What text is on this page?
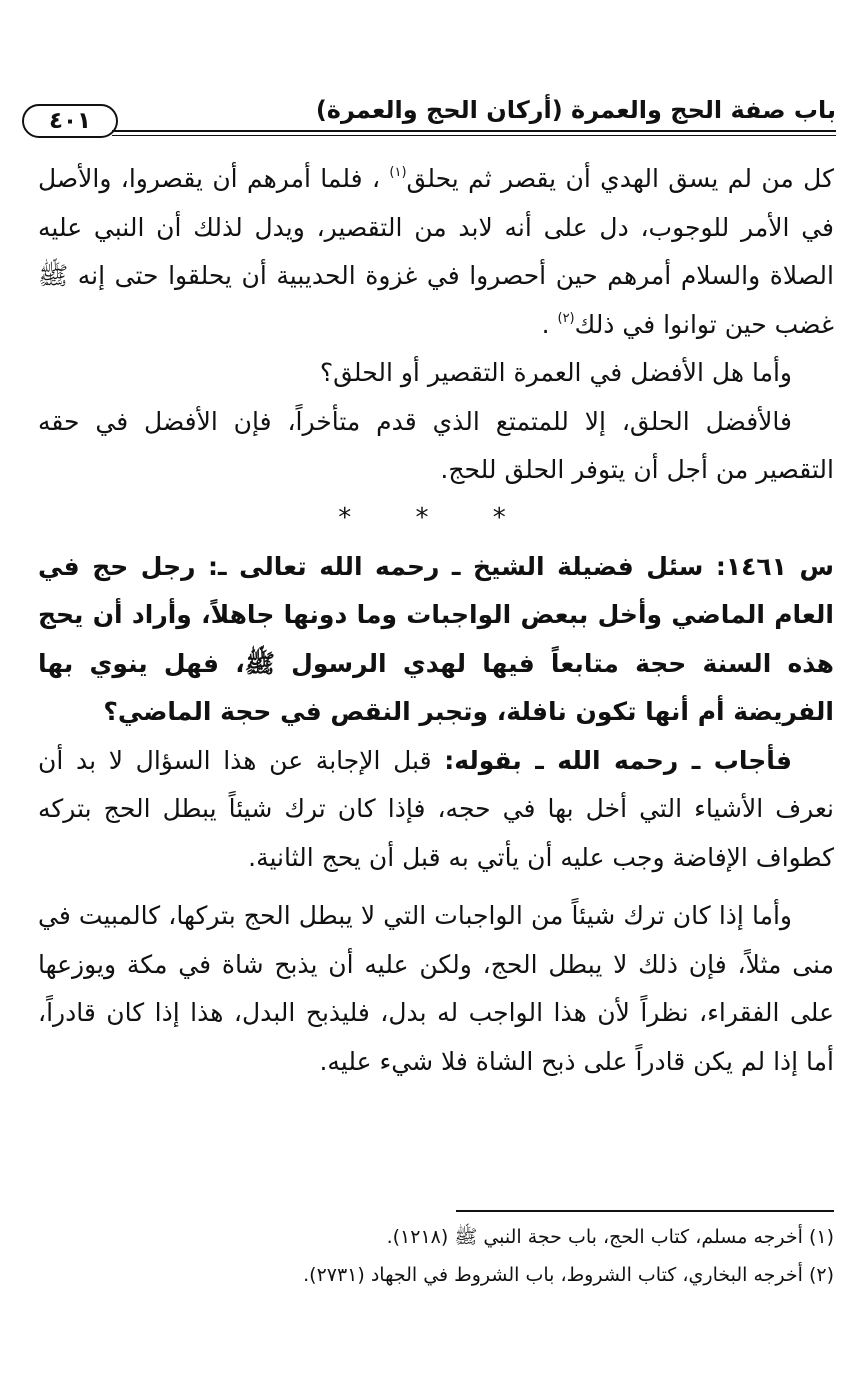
باب صفة الحج والعمرة (أركان الحج والعمرة)
٤٠١

كل من لم يسق الهدي أن يقصر ثم يحلق$^{(١)}$ ، فلما أمرهم أن يقصروا، والأصل في الأمر للوجوب، دل على أنه لابد من التقصير، ويدل لذلك أن النبي عليه الصلاة والسلام أمرهم حين أحصروا في غزوة الحديبية أن يحلقوا حتى إنه ﷺ غضب حين توانوا في ذلك$^{(٢)}$ .

وأما هل الأفضل في العمرة التقصير أو الحلق؟

فالأفضل الحلق، إلا للمتمتع الذي قدم متأخراً، فإن الأفضل في حقه التقصير من أجل أن يتوفر الحلق للحج.

* * *

س ١٤٦١: سئل فضيلة الشيخ ـ رحمه الله تعالى ـ: رجل حج في العام الماضي وأخل ببعض الواجبات وما دونها جاهلاً، وأراد أن يحج هذه السنة حجة متابعاً فيها لهدي الرسول ﷺ، فهل ينوي بها الفريضة أم أنها تكون نافلة، وتجبر النقص في حجة الماضي؟

فأجاب ـ رحمه الله ـ بقوله: قبل الإجابة عن هذا السؤال لا بد أن نعرف الأشياء التي أخل بها في حجه، فإذا كان ترك شيئاً يبطل الحج بتركه كطواف الإفاضة وجب عليه أن يأتي به قبل أن يحج الثانية.

وأما إذا كان ترك شيئاً من الواجبات التي لا يبطل الحج بتركها، كالمبيت في منى مثلاً، فإن ذلك لا يبطل الحج، ولكن عليه أن يذبح شاة في مكة ويوزعها على الفقراء، نظراً لأن هذا الواجب له بدل، فليذبح البدل، هذا إذا كان قادراً، أما إذا لم يكن قادراً على ذبح الشاة فلا شيء عليه.

(١) أخرجه مسلم، كتاب الحج، باب حجة النبي ﷺ (١٢١٨).

(٢) أخرجه البخاري، كتاب الشروط، باب الشروط في الجهاد (٢٧٣١).
